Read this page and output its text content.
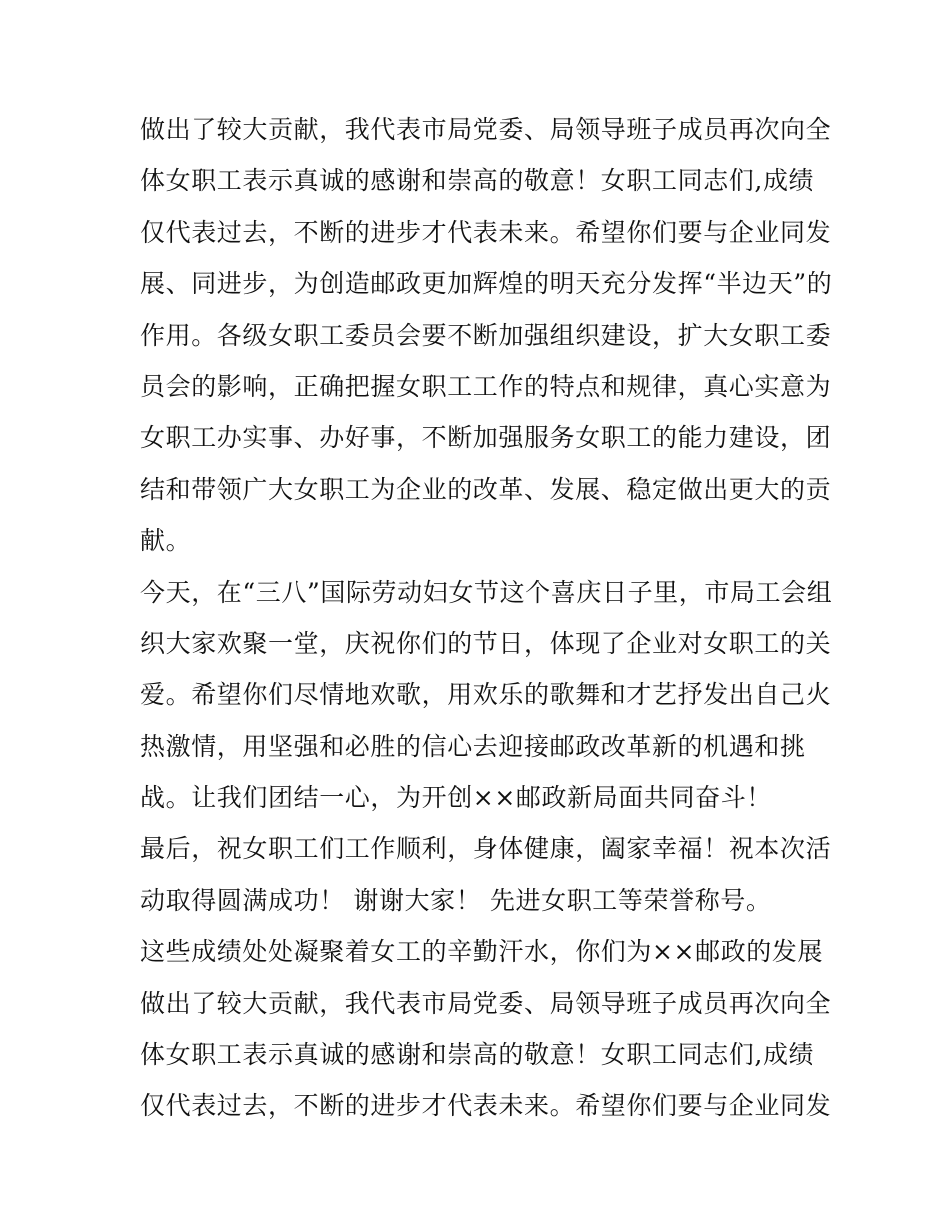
做出了较大贡献，我代表市局党委、局领导班子成员再次向全
体女职工表示真诚的感谢和崇高的敬意！女职工同志们,成绩
仅代表过去，不断的进步才代表未来。希望你们要与企业同发
展、同进步，为创造邮政更加辉煌的明天充分发挥“半边天”的
作用。各级女职工委员会要不断加强组织建设，扩大女职工委
员会的影响，正确把握女职工工作的特点和规律，真心实意为
女职工办实事、办好事，不断加强服务女职工的能力建设，团
结和带领广大女职工为企业的改革、发展、稳定做出更大的贡
献。
今天，在“三八”国际劳动妇女节这个喜庆日子里，市局工会组
织大家欢聚一堂，庆祝你们的节日，体现了企业对女职工的关
爱。希望你们尽情地欢歌，用欢乐的歌舞和才艺抒发出自己火
热激情，用坚强和必胜的信心去迎接邮政改革新的机遇和挑
战。让我们团结一心，为开创××邮政新局面共同奋斗！
最后，祝女职工们工作顺利，身体健康，阖家幸福！祝本次活
动取得圆满成功！ 谢谢大家！ 先进女职工等荣誉称号。
这些成绩处处凝聚着女工的辛勤汗水，你们为××邮政的发展
做出了较大贡献，我代表市局党委、局领导班子成员再次向全
体女职工表示真诚的感谢和崇高的敬意！女职工同志们,成绩
仅代表过去，不断的进步才代表未来。希望你们要与企业同发
